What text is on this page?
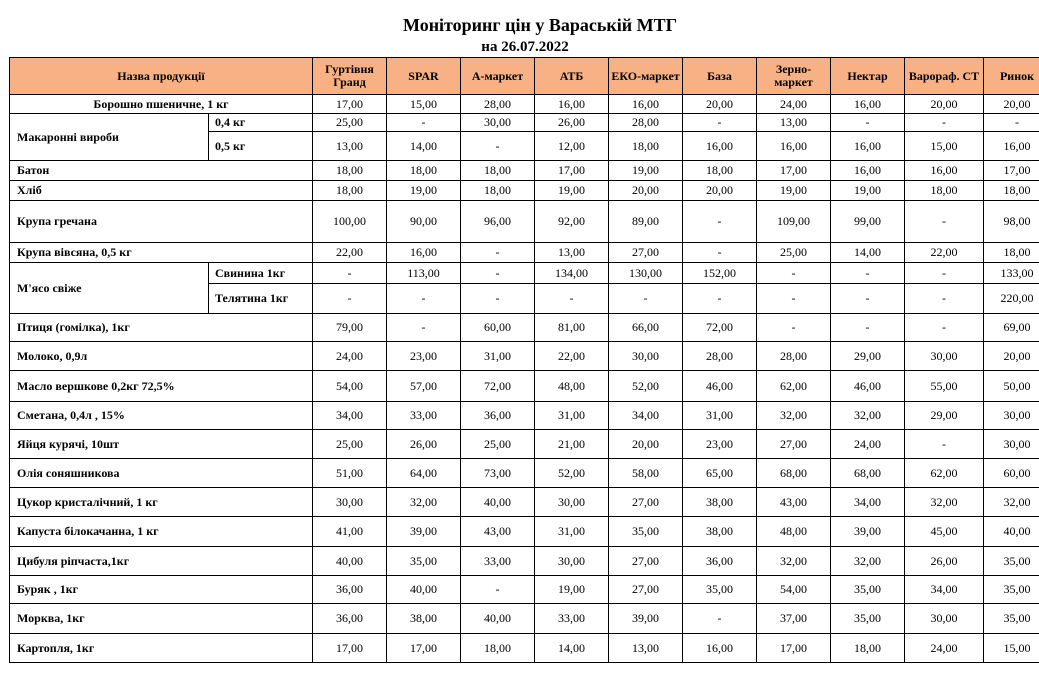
Моніторинг цін у Вараській МТГ
на 26.07.2022
Назва продукції		Гуртівня Гранд	SPAR	А-маркет	АТБ	ЕКО-маркет	База	Зерно-маркет	Нектар	Варораф. СТ	Ринок
Борошно пшеничне, 1 кг		17,00	15,00	28,00	16,00	16,00	20,00	24,00	16,00	20,00	20,00
Макаронні вироби	0,4 кг	25,00	-	30,00	26,00	28,00	-	13,00	-	-	-
	0,5 кг	13,00	14,00	-	12,00	18,00	16,00	16,00	16,00	15,00	16,00
Батон		18,00	18,00	18,00	17,00	19,00	18,00	17,00	16,00	16,00	17,00
Хліб		18,00	19,00	18,00	19,00	20,00	20,00	19,00	19,00	18,00	18,00
Крупа гречана		100,00	90,00	96,00	92,00	89,00	-	109,00	99,00	-	98,00
Крупа вівсяна, 0,5 кг		22,00	16,00	-	13,00	27,00	-	25,00	14,00	22,00	18,00
М'ясо свіже	Свинина 1кг	-	113,00	-	134,00	130,00	152,00	-	-	-	133,00
	Телятина 1кг	-	-	-	-	-	-	-	-	-	220,00
Птиця (гомілка), 1кг		79,00	-	60,00	81,00	66,00	72,00	-	-	-	69,00
Молоко, 0,9л		24,00	23,00	31,00	22,00	30,00	28,00	28,00	29,00	30,00	20,00
Масло вершкове 0,2кг 72,5%		54,00	57,00	72,00	48,00	52,00	46,00	62,00	46,00	55,00	50,00
Сметана, 0,4л , 15%		34,00	33,00	36,00	31,00	34,00	31,00	32,00	32,00	29,00	30,00
Яйця курячі, 10шт		25,00	26,00	25,00	21,00	20,00	23,00	27,00	24,00	-	30,00
Олія соняшникова		51,00	64,00	73,00	52,00	58,00	65,00	68,00	68,00	62,00	60,00
Цукор кристалічний, 1 кг		30,00	32,00	40,00	30,00	27,00	38,00	43,00	34,00	32,00	32,00
Капуста білокачанна, 1 кг		41,00	39,00	43,00	31,00	35,00	38,00	48,00	39,00	45,00	40,00
Цибуля ріпчаста,1кг		40,00	35,00	33,00	30,00	27,00	36,00	32,00	32,00	26,00	35,00
Буряк , 1кг		36,00	40,00	-	19,00	27,00	35,00	54,00	35,00	34,00	35,00
Морква, 1кг		36,00	38,00	40,00	33,00	39,00	-	37,00	35,00	30,00	35,00
Картопля, 1кг		17,00	17,00	18,00	14,00	13,00	16,00	17,00	18,00	24,00	15,00
